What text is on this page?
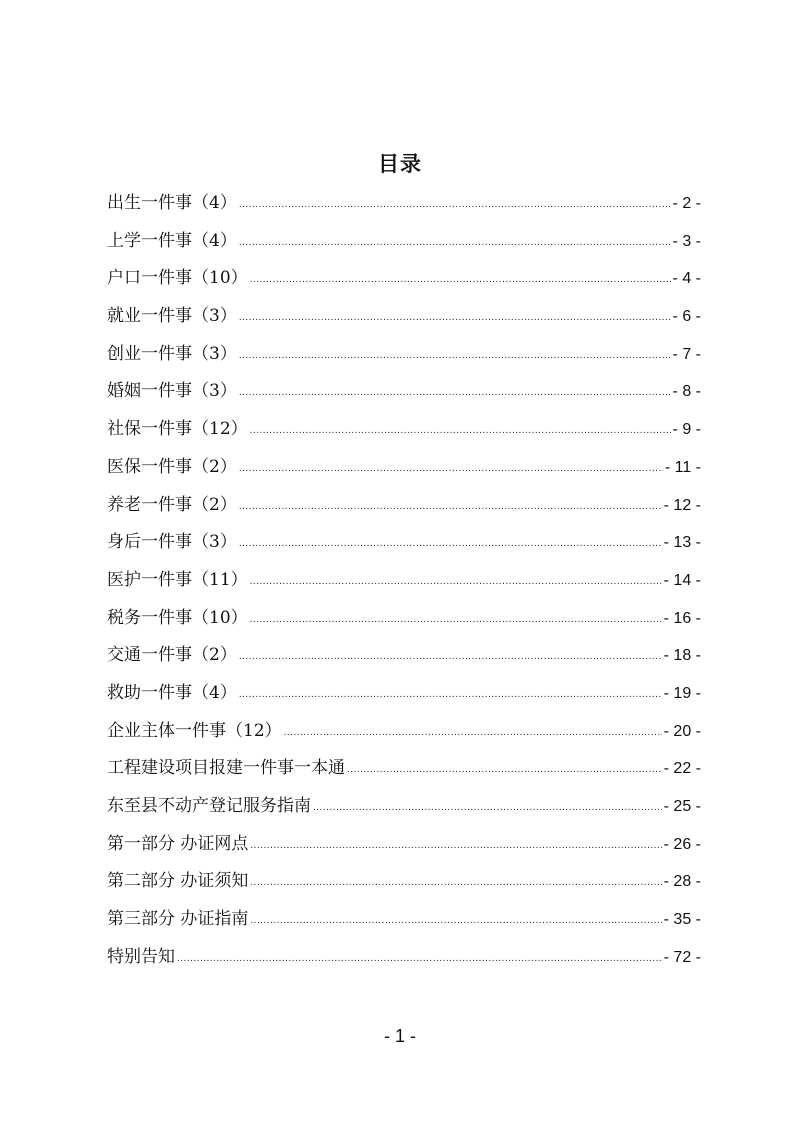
目录
出生一件事（4） .....	- 2 -
上学一件事（4） .....	- 3 -
户口一件事（10） .....	- 4 -
就业一件事（3） .....	- 6 -
创业一件事（3） .....	- 7 -
婚姻一件事（3） .....	- 8 -
社保一件事（12） .....	- 9 -
医保一件事（2） .....	- 11 -
养老一件事（2） .....	- 12 -
身后一件事（3） .....	- 13 -
医护一件事（11） .....	- 14 -
税务一件事（10） .....	- 16 -
交通一件事（2） .....	- 18 -
救助一件事（4） .....	- 19 -
企业主体一件事（12） .....	- 20 -
工程建设项目报建一件事一本通 .....	- 22 -
东至县不动产登记服务指南 .....	- 25 -
第一部分 办证网点 .....	- 26 -
第二部分 办证须知 .....	- 28 -
第三部分 办证指南 .....	- 35 -
特别告知 .....	- 72 -
- 1 -
